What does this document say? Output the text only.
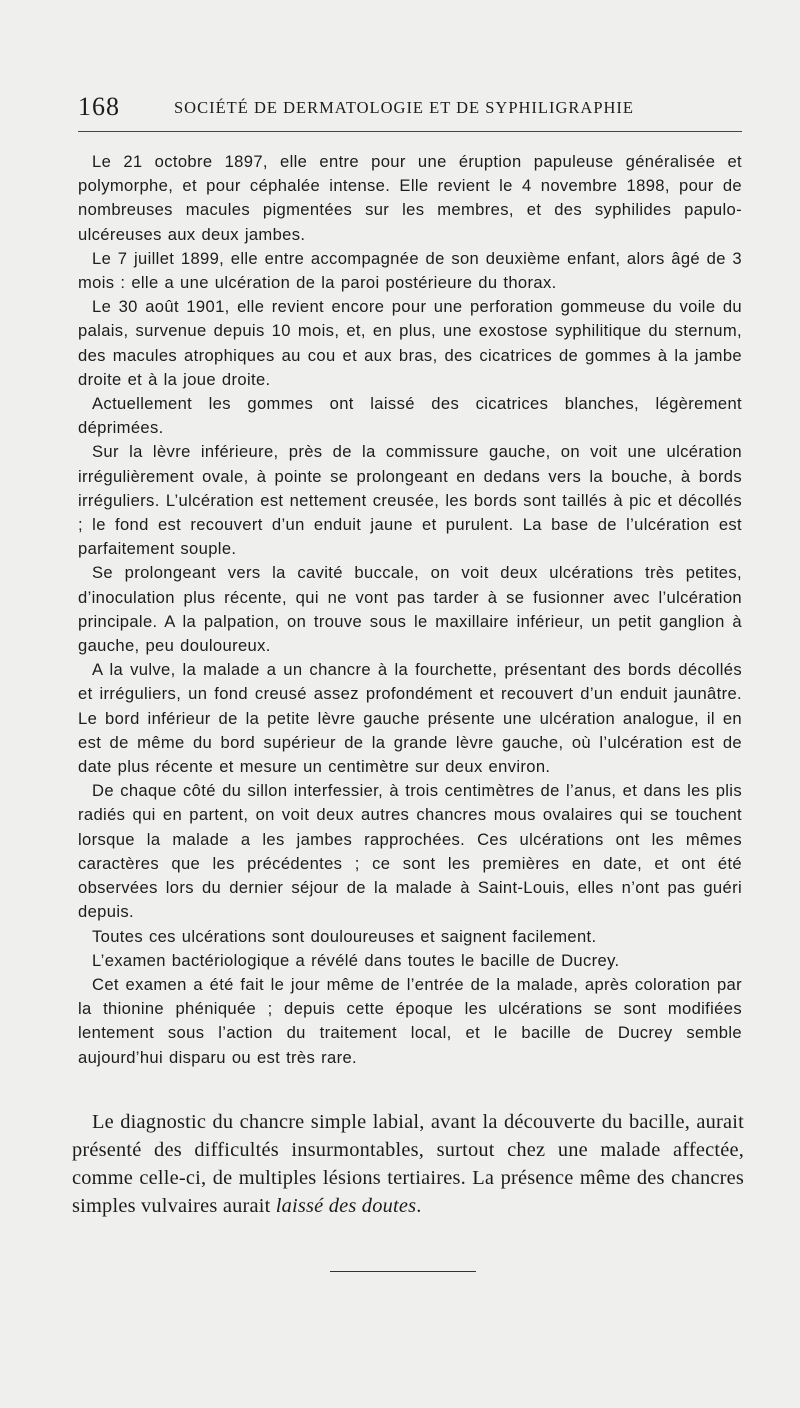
168	SOCIÉTÉ DE DERMATOLOGIE ET DE SYPHILIGRAPHIE

Le 21 octobre 1897, elle entre pour une éruption papuleuse généralisée et polymorphe, et pour céphalée intense. Elle revient le 4 novembre 1898, pour de nombreuses macules pigmentées sur les membres, et des syphilides papulo-ulcéreuses aux deux jambes.

Le 7 juillet 1899, elle entre accompagnée de son deuxième enfant, alors âgé de 3 mois : elle a une ulcération de la paroi postérieure du thorax.

Le 30 août 1901, elle revient encore pour une perforation gommeuse du voile du palais, survenue depuis 10 mois, et, en plus, une exostose syphilitique du sternum, des macules atrophiques au cou et aux bras, des cicatrices de gommes à la jambe droite et à la joue droite.

Actuellement les gommes ont laissé des cicatrices blanches, légèrement déprimées.

Sur la lèvre inférieure, près de la commissure gauche, on voit une ulcération irrégulièrement ovale, à pointe se prolongeant en dedans vers la bouche, à bords irréguliers. L’ulcération est nettement creusée, les bords sont taillés à pic et décollés ; le fond est recouvert d’un enduit jaune et purulent. La base de l’ulcération est parfaitement souple.

Se prolongeant vers la cavité buccale, on voit deux ulcérations très petites, d’inoculation plus récente, qui ne vont pas tarder à se fusionner avec l’ulcération principale. A la palpation, on trouve sous le maxillaire inférieur, un petit ganglion à gauche, peu douloureux.

A la vulve, la malade a un chancre à la fourchette, présentant des bords décollés et irréguliers, un fond creusé assez profondément et recouvert d’un enduit jaunâtre. Le bord inférieur de la petite lèvre gauche présente une ulcération analogue, il en est de même du bord supérieur de la grande lèvre gauche, où l’ulcération est de date plus récente et mesure un centimètre sur deux environ.

De chaque côté du sillon interfessier, à trois centimètres de l’anus, et dans les plis radiés qui en partent, on voit deux autres chancres mous ovalaires qui se touchent lorsque la malade a les jambes rapprochées. Ces ulcérations ont les mêmes caractères que les précédentes ; ce sont les premières en date, et ont été observées lors du dernier séjour de la malade à Saint-Louis, elles n’ont pas guéri depuis.

Toutes ces ulcérations sont douloureuses et saignent facilement.

L’examen bactériologique a révélé dans toutes le bacille de Ducrey.

Cet examen a été fait le jour même de l’entrée de la malade, après coloration par la thionine phéniquée ; depuis cette époque les ulcérations se sont modifiées lentement sous l’action du traitement local, et le bacille de Ducrey semble aujourd’hui disparu ou est très rare.

Le diagnostic du chancre simple labial, avant la découverte du bacille, aurait présenté des difficultés insurmontables, surtout chez une malade affectée, comme celle-ci, de multiples lésions tertiaires. La présence même des chancres simples vulvaires aurait laissé des doutes.
